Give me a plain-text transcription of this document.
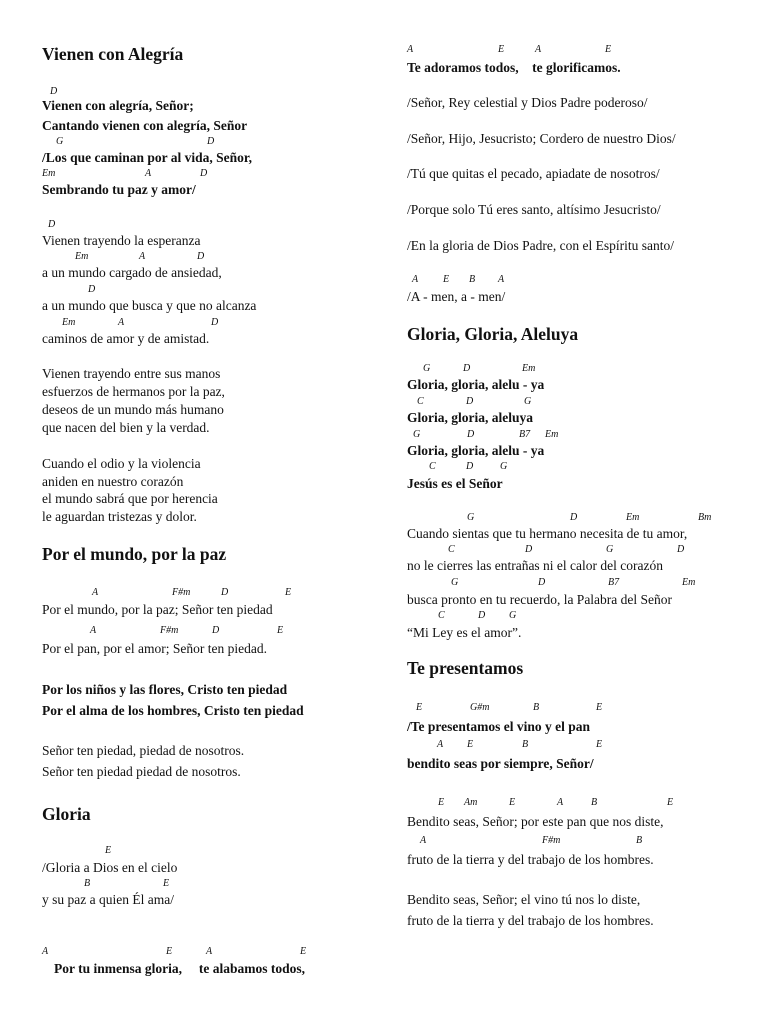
Vienen con Alegría
D
Vienen con alegría, Señor;
Cantando vienen con alegría, Señor
G	D
/Los que caminan por al vida, Señor,
Em	A	D
Sembrando tu paz y amor/
D
Vienen trayendo la esperanza
Em	A	D
a un mundo cargado de ansiedad,
D
a un mundo que busca y que no alcanza
Em	A	D
caminos de amor y de amistad.
Vienen trayendo entre sus manos
esfuerzos de hermanos por la paz,
deseos de un mundo más humano
que nacen del bien y la verdad.
Cuando el odio y la violencia
aniden en nuestro corazón
el mundo sabrá que por herencia
le aguardan tristezas y dolor.
Por el mundo, por la paz
A	F#m	D	E
Por el mundo, por la paz; Señor ten piedad
A	F#m	D	E
Por el pan, por el amor; Señor ten piedad.
Por los niños y las flores, Cristo ten piedad
Por el alma de los hombres, Cristo ten piedad
Señor ten piedad, piedad de nosotros.
Señor ten piedad piedad de nosotros.
Gloria
E
/Gloria a Dios en el cielo
B	E
y su paz a quien Él ama/
A	E	A	E
Por tu inmensa gloria,     te alabamos todos,
A	E	A	E
Te adoramos todos,    te glorificamos.
/Señor, Rey celestial y Dios Padre poderoso/
/Señor, Hijo, Jesucristo; Cordero de nuestro Dios/
/Tú que quitas el pecado, apiadate de nosotros/
/Porque solo Tú eres santo, altísimo Jesucristo/
/En la gloria de Dios Padre, con el Espíritu santo/
A E B A
/A - men, a - men/
Gloria, Gloria, Aleluya
G	D	Em
Gloria, gloria, alelu - ya
C	D	G
Gloria, gloria, aleluya
G	D	B7 Em
Gloria, gloria, alelu - ya
C	D	G
Jesús es el Señor
G	D	Em	Bm
Cuando sientas que tu hermano necesita de tu amor,
C	D	G	D
no le cierres las entrañas ni el calor del corazón
G	D	B7	Em
busca pronto en tu recuerdo, la Palabra del Señor
C	D G
“Mi Ley es el amor”.
Te presentamos
E	G#m	B	E
/Te presentamos el vino y el pan
A E	B	E
bendito seas por siempre, Señor/
E Am	E	A	B	E
Bendito seas, Señor; por este pan que nos diste,
A	F#m	B
fruto de la tierra y del trabajo de los hombres.
Bendito seas, Señor; el vino tú nos lo diste,
fruto de la tierra y del trabajo de los hombres.
